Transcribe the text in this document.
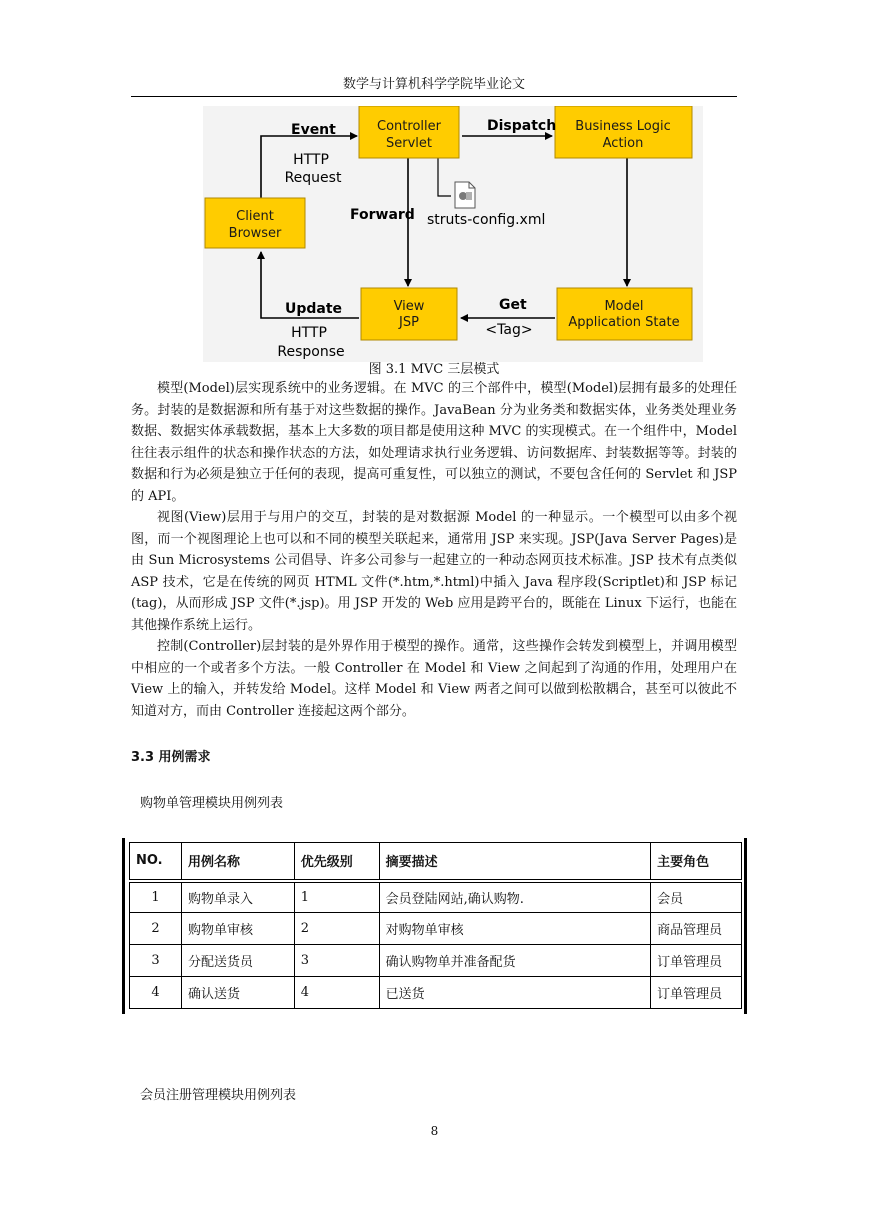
数学与计算机科学学院毕业论文
Controller
Servlet
Business Logic
Action
Client
Browser
View
JSP
Model
Application State
Event
HTTP
Request
Dispatch
Forward struts-config.xml
Update
HTTP
Response
Get
<Tag>
图 3.1 MVC 三层模式

模型(Model)层实现系统中的业务逻辑。在 MVC 的三个部件中，模型(Model)层拥有最多的处理任务。封装的是数据源和所有基于对这些数据的操作。JavaBean 分为业务类和数据实体，业务类处理业务数据、数据实体承载数据，基本上大多数的项目都是使用这种 MVC 的实现模式。在一个组件中，Model 往往表示组件的状态和操作状态的方法，如处理请求执行业务逻辑、访问数据库、封装数据等等。封装的数据和行为必须是独立于任何的表现，提高可重复性，可以独立的测试，不要包含任何的 Servlet 和 JSP 的 API。

视图(View)层用于与用户的交互，封装的是对数据源 Model 的一种显示。一个模型可以由多个视图，而一个视图理论上也可以和不同的模型关联起来，通常用 JSP 来实现。JSP(Java Server Pages)是由 Sun Microsystems 公司倡导、许多公司参与一起建立的一种动态网页技术标准。JSP 技术有点类似 ASP 技术，它是在传统的网页 HTML 文件(*.htm,*.html)中插入 Java 程序段(Scriptlet)和 JSP 标记(tag)，从而形成 JSP 文件(*.jsp)。用 JSP 开发的 Web 应用是跨平台的，既能在 Linux 下运行，也能在其他操作系统上运行。

控制(Controller)层封装的是外界作用于模型的操作。通常，这些操作会转发到模型上，并调用模型中相应的一个或者多个方法。一般 Controller 在 Model 和 View 之间起到了沟通的作用，处理用户在 View 上的输入，并转发给 Model。这样 Model 和 View 两者之间可以做到松散耦合，甚至可以彼此不知道对方，而由 Controller 连接起这两个部分。

3.3 用例需求
购物单管理模块用例列表
NO.	用例名称	优先级别	摘要描述	主要角色
1	购物单录入	1	会员登陆网站,确认购物.	会员
2	购物单审核	2	对购物单审核	商品管理员
3	分配送货员	3	确认购物单并准备配货	订单管理员
4	确认送货	4	已送货	订单管理员
会员注册管理模块用例列表
8
